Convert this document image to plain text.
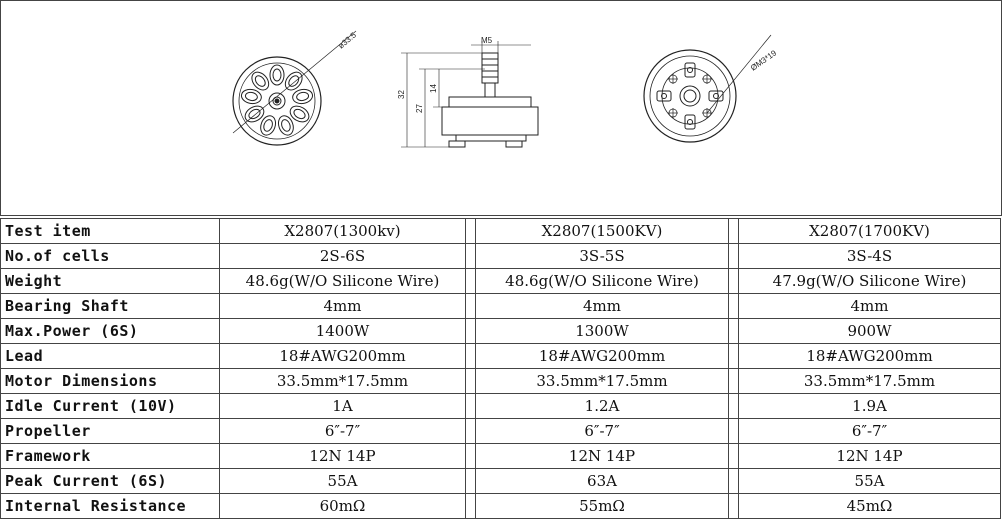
ø33.5	M5
32
27
14
ØM3*19
Test item	X2807(1300kv)		X2807(1500KV)		X2807(1700KV)
No.of cells	2S-6S		3S-5S		3S-4S
Weight	48.6g(W/O Silicone Wire)		48.6g(W/O Silicone Wire)		47.9g(W/O Silicone Wire)
Bearing Shaft	4mm		4mm		4mm
Max.Power (6S)	1400W		1300W		900W
Lead	18#AWG200mm		18#AWG200mm		18#AWG200mm
Motor Dimensions	33.5mm*17.5mm		33.5mm*17.5mm		33.5mm*17.5mm
Idle Current (10V)	1A		1.2A		1.9A
Propeller	6″-7″		6″-7″		6″-7″
Framework	12N 14P		12N 14P		12N 14P
Peak Current (6S)	55A		63A		55A
Internal Resistance	60mΩ		55mΩ		45mΩ
